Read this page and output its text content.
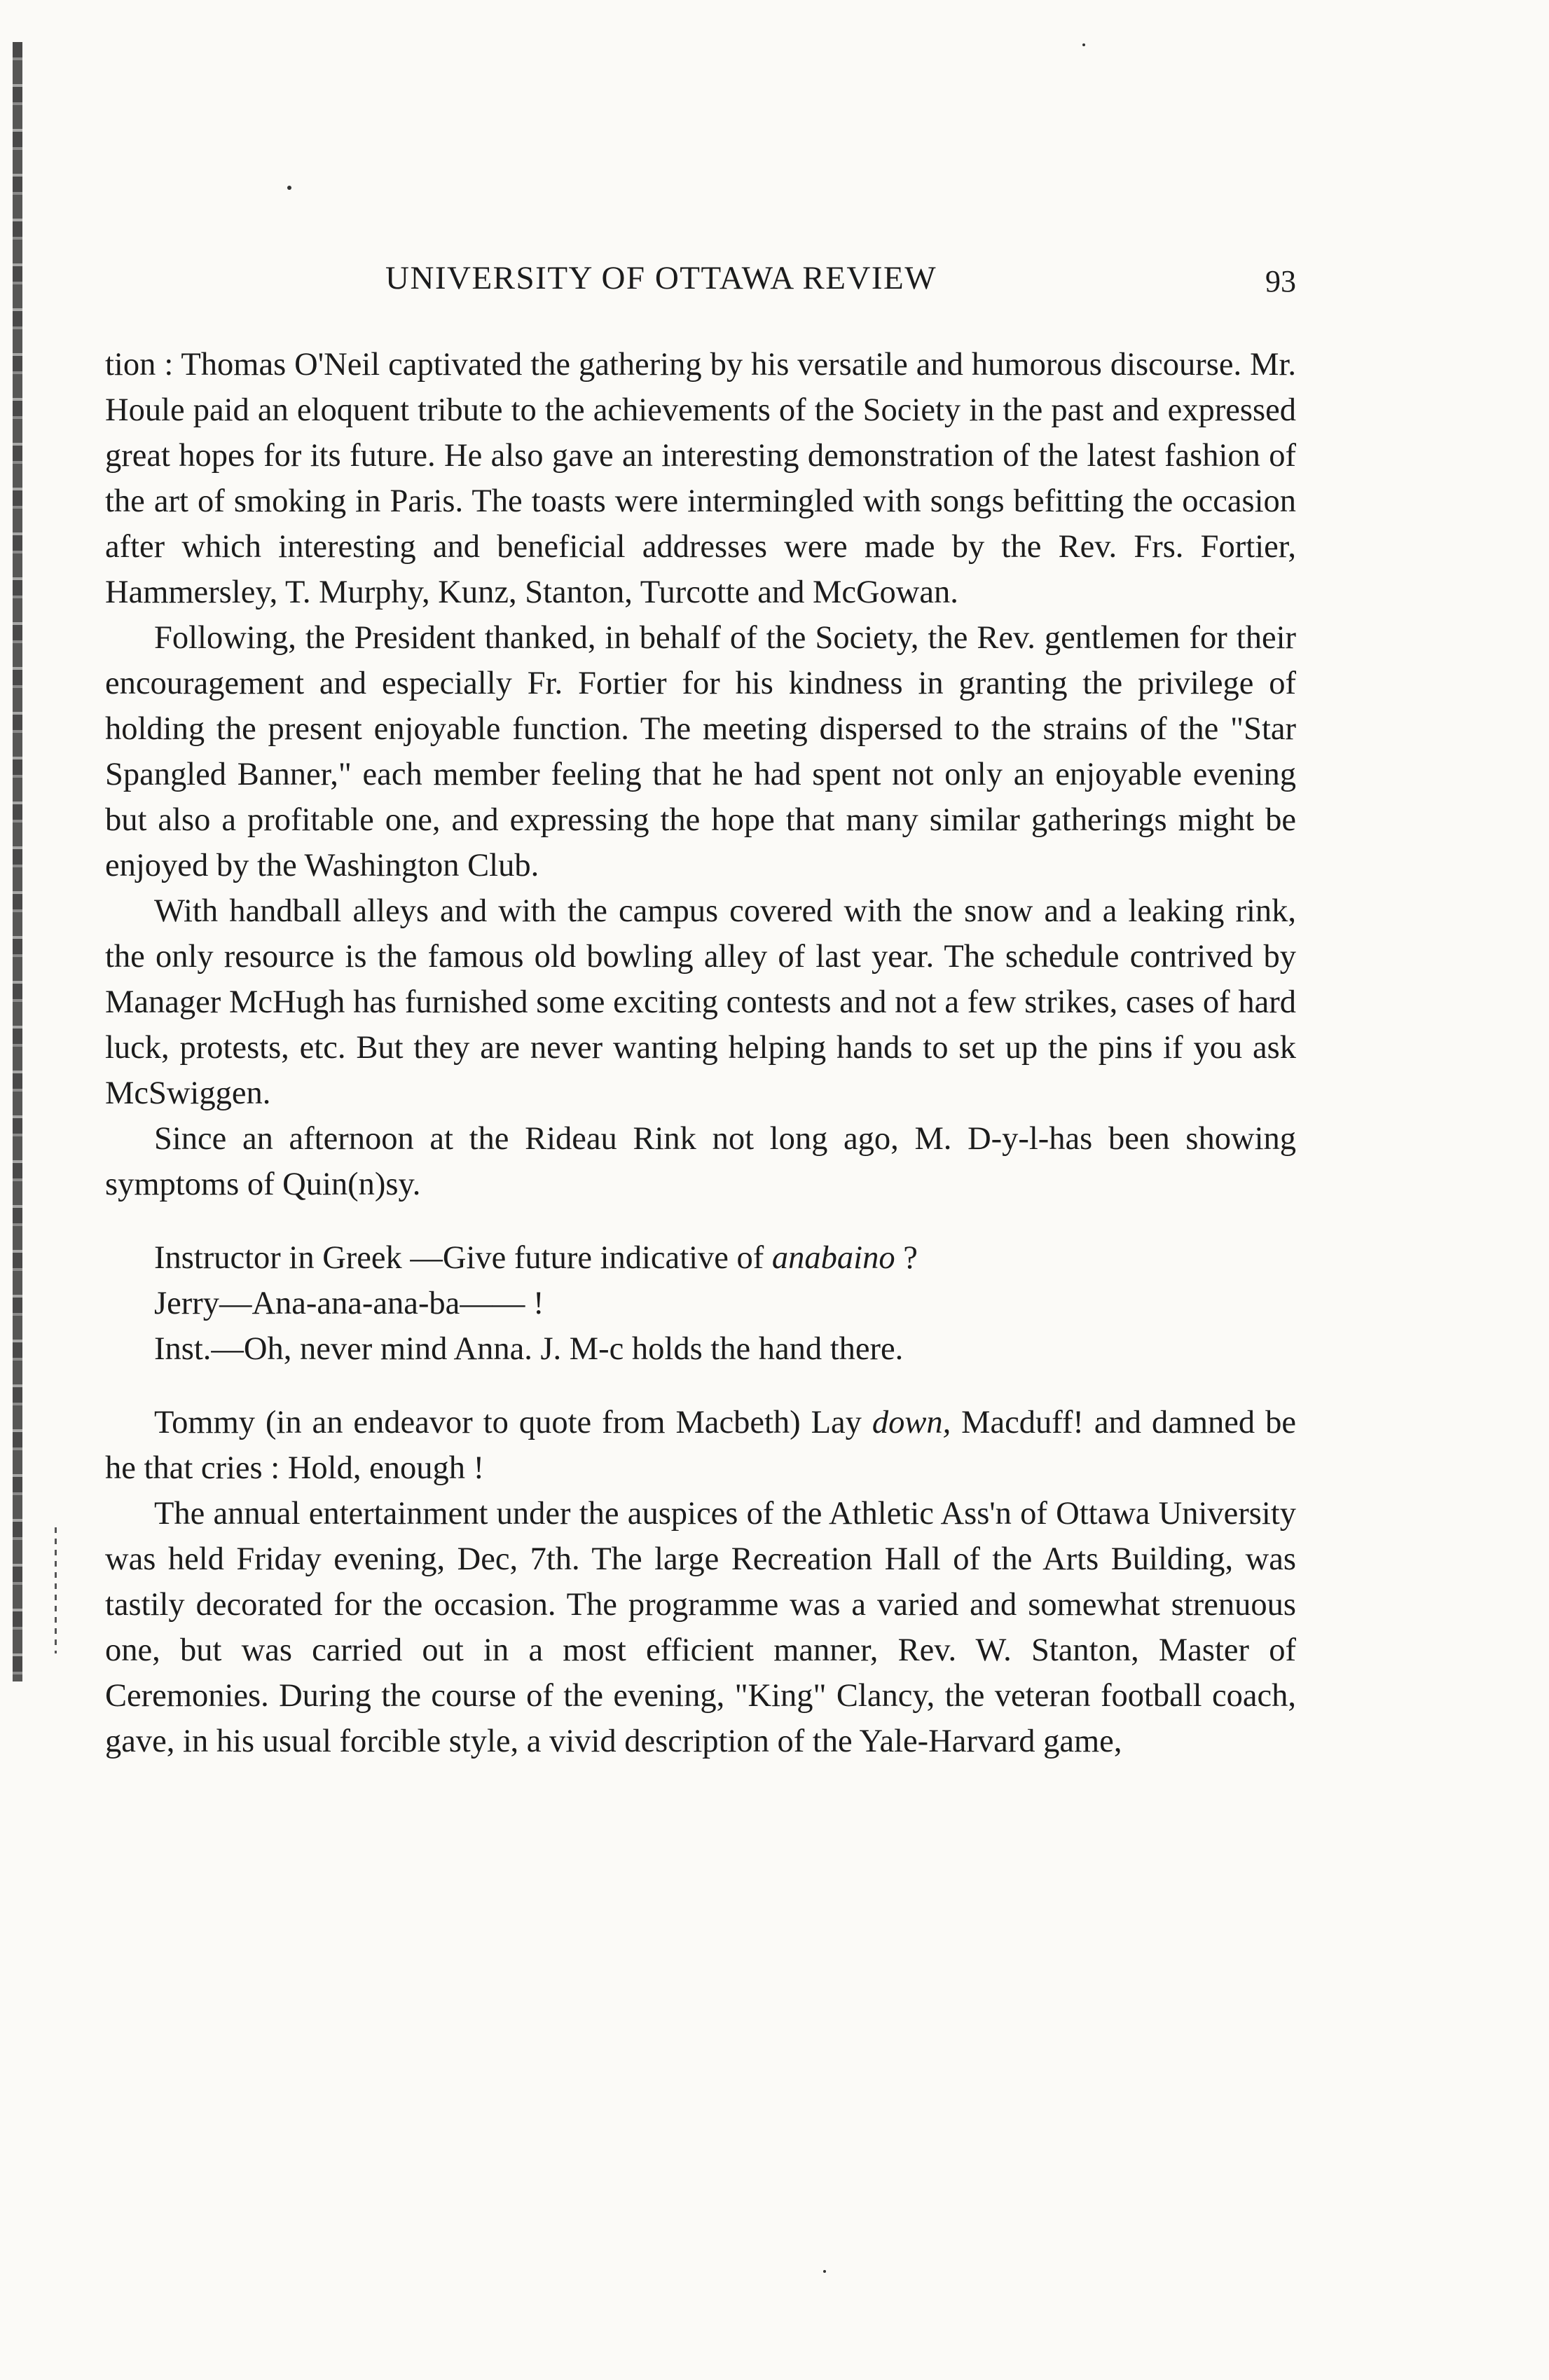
UNIVERSITY OF OTTAWA REVIEW	93

tion : Thomas O'Neil captivated the gathering by his versatile and humorous discourse. Mr. Houle paid an eloquent tribute to the achievements of the Society in the past and expressed great hopes for its future. He also gave an interesting demonstration of the latest fashion of the art of smoking in Paris. The toasts were intermingled with songs befitting the occasion after which interesting and beneficial addresses were made by the Rev. Frs. Fortier, Hammersley, T. Murphy, Kunz, Stanton, Turcotte and McGowan.

Following, the President thanked, in behalf of the Society, the Rev. gentlemen for their encouragement and especially Fr. Fortier for his kindness in granting the privilege of holding the present enjoyable function. The meeting dispersed to the strains of the "Star Spangled Banner," each member feeling that he had spent not only an enjoyable evening but also a profitable one, and expressing the hope that many similar gatherings might be enjoyed by the Washington Club.

With handball alleys and with the campus covered with the snow and a leaking rink, the only resource is the famous old bowling alley of last year. The schedule contrived by Manager McHugh has furnished some exciting contests and not a few strikes, cases of hard luck, protests, etc. But they are never wanting helping hands to set up the pins if you ask McSwiggen.

Since an afternoon at the Rideau Rink not long ago, M. D-y-l-has been showing symptoms of Quin(n)sy.

Instructor in Greek —Give future indicative of anabaino ?

Jerry—Ana-ana-ana-ba—— !

Inst.—Oh, never mind Anna. J. M-c holds the hand there.

Tommy (in an endeavor to quote from Macbeth) Lay down, Macduff! and damned be he that cries : Hold, enough !

The annual entertainment under the auspices of the Athletic Ass'n of Ottawa University was held Friday evening, Dec, 7th. The large Recreation Hall of the Arts Building, was tastily decorated for the occasion. The programme was a varied and somewhat strenuous one, but was carried out in a most efficient manner, Rev. W. Stanton, Master of Ceremonies. During the course of the evening, "King" Clancy, the veteran football coach, gave, in his usual forcible style, a vivid description of the Yale-Harvard game,
